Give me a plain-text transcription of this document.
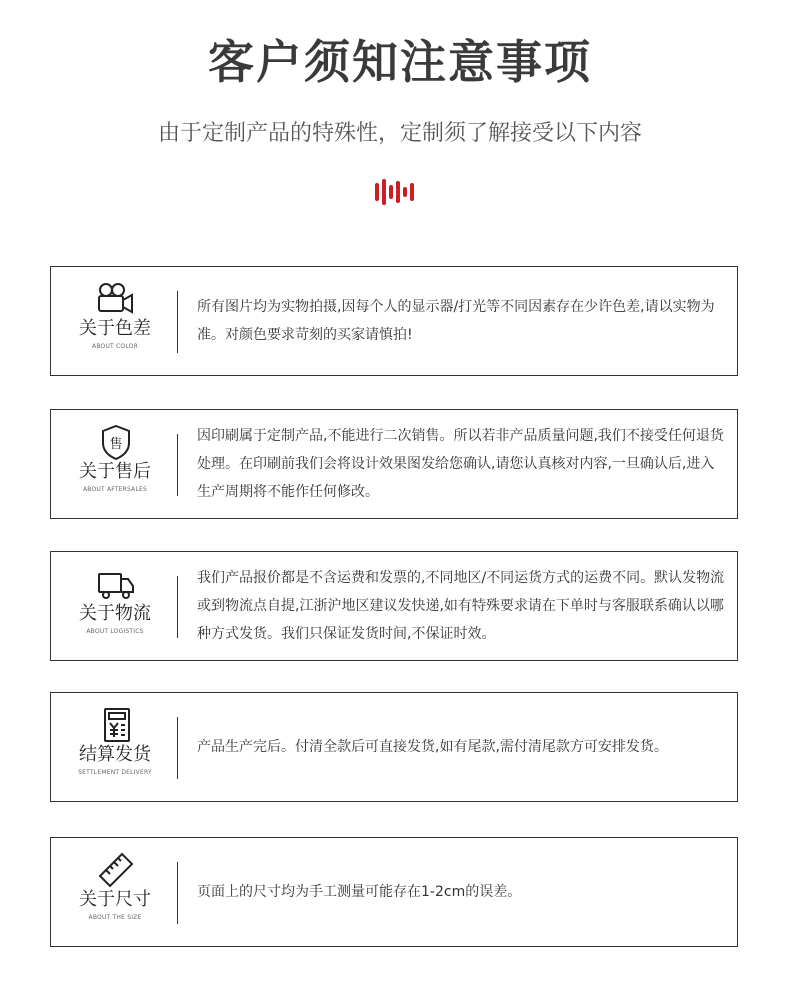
客户须知注意事项
由于定制产品的特殊性，定制须了解接受以下内容
关于色差
ABOUT COLOR
所有图片均为实物拍摄,因每个人的显示器/打光等不同因素存在少许色差,请以实物为准。对颜色要求苛刻的买家请慎拍!
售
关于售后
ABOUT AFTERSALES
因印刷属于定制产品,不能进行二次销售。所以若非产品质量问题,我们不接受任何退货处理。在印刷前我们会将设计效果图发给您确认,请您认真核对内容,一旦确认后,进入生产周期将不能作任何修改。
关于物流
ABOUT LOGISTICS
我们产品报价都是不含运费和发票的,不同地区/不同运货方式的运费不同。默认发物流或到物流点自提,江浙沪地区建议发快递,如有特殊要求请在下单时与客服联系确认以哪种方式发货。我们只保证发货时间,不保证时效。
结算发货
SETTLEMENT DELIVERY
产品生产完后。付清全款后可直接发货,如有尾款,需付清尾款方可安排发货。
关于尺寸
ABOUT THE SIZE
页面上的尺寸均为手工测量可能存在1-2cm的误差。
